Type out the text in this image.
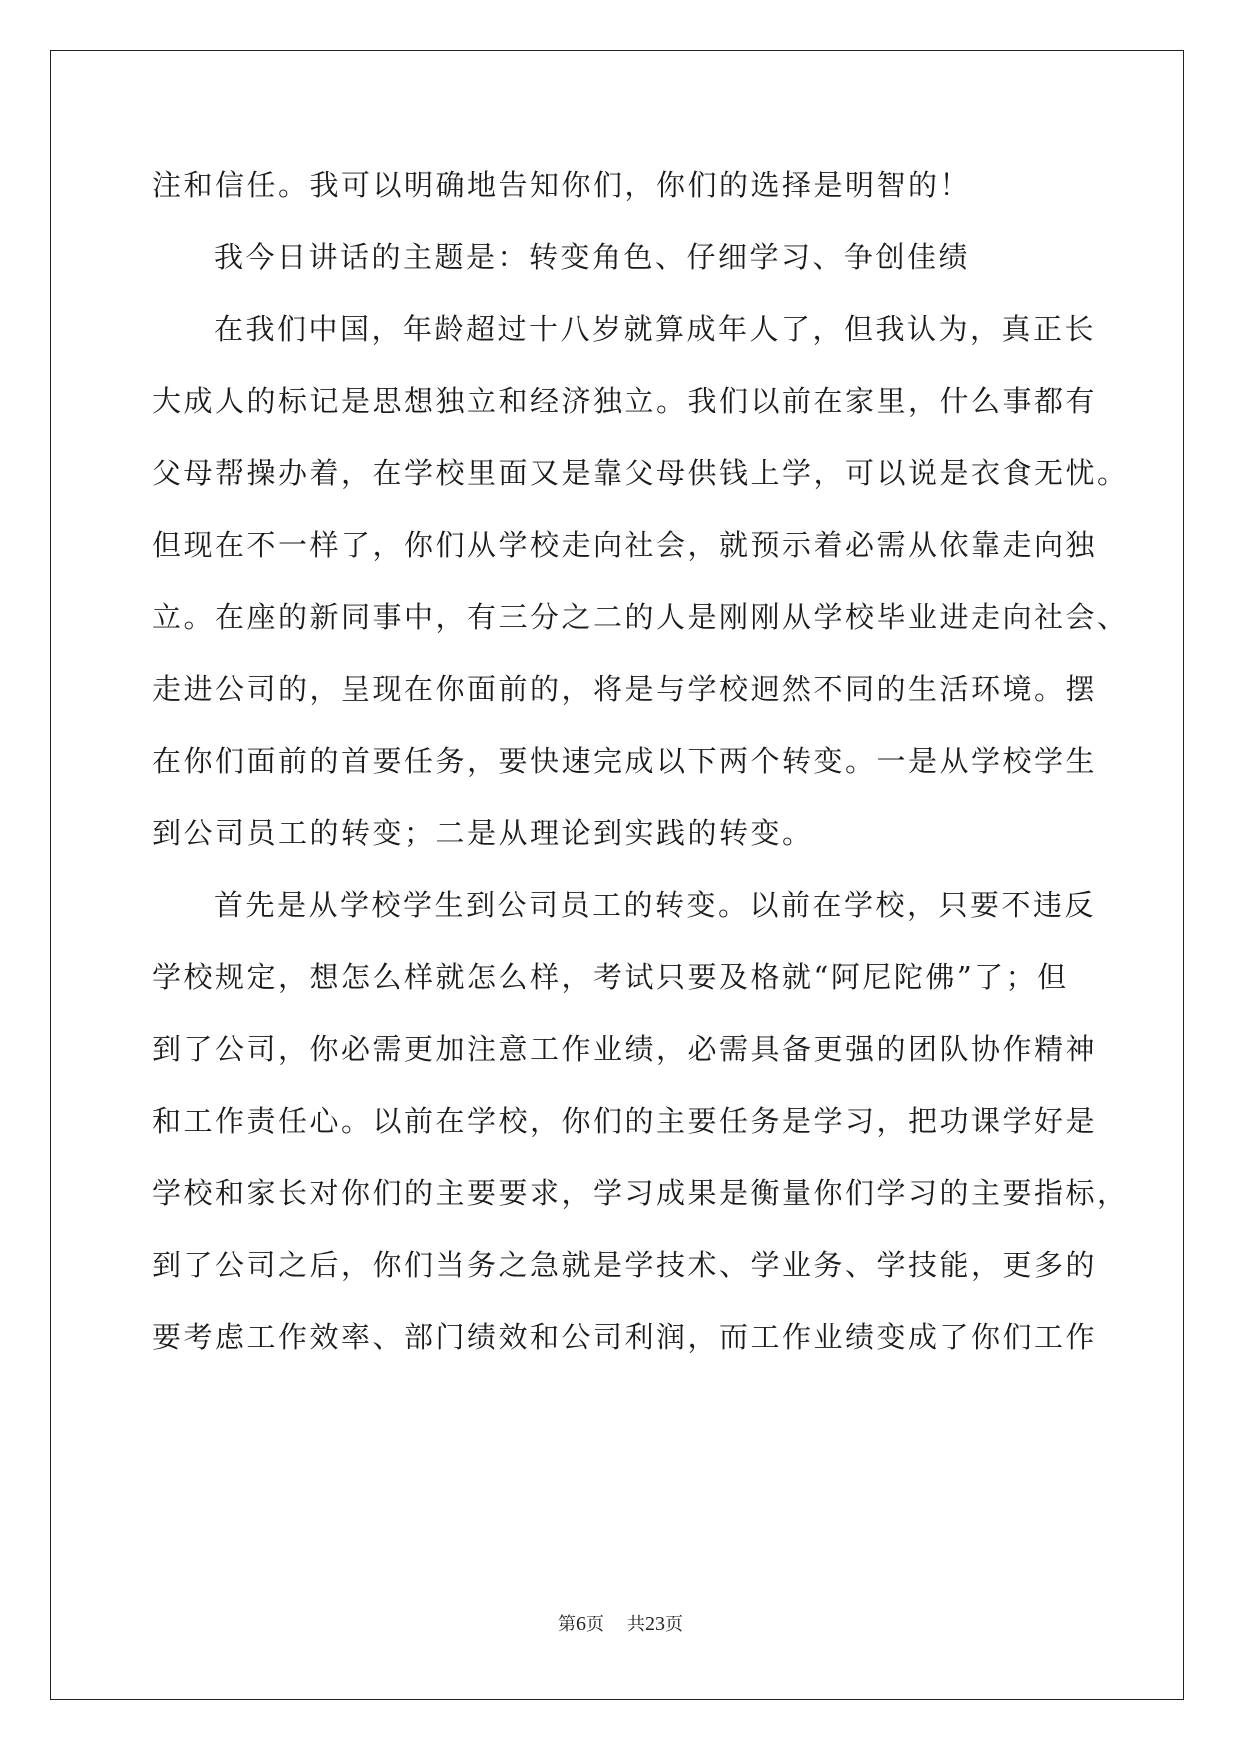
注和信任。我可以明确地告知你们，你们的选择是明智的！
我今日讲话的主题是：转变角色、仔细学习、争创佳绩
在我们中国，年龄超过十八岁就算成年人了，但我认为，真正长
大成人的标记是思想独立和经济独立。我们以前在家里，什么事都有
父母帮操办着，在学校里面又是靠父母供钱上学，可以说是衣食无忧。
但现在不一样了，你们从学校走向社会，就预示着必需从依靠走向独
立。在座的新同事中，有三分之二的人是刚刚从学校毕业进走向社会、
走进公司的，呈现在你面前的，将是与学校迥然不同的生活环境。摆
在你们面前的首要任务，要快速完成以下两个转变。一是从学校学生
到公司员工的转变；二是从理论到实践的转变。
首先是从学校学生到公司员工的转变。以前在学校，只要不违反
学校规定，想怎么样就怎么样，考试只要及格就“阿尼陀佛”了；但
到了公司，你必需更加注意工作业绩，必需具备更强的团队协作精神
和工作责任心。以前在学校，你们的主要任务是学习，把功课学好是
学校和家长对你们的主要要求，学习成果是衡量你们学习的主要指标，
到了公司之后，你们当务之急就是学技术、学业务、学技能，更多的
要考虑工作效率、部门绩效和公司利润，而工作业绩变成了你们工作
第6页 共23页
